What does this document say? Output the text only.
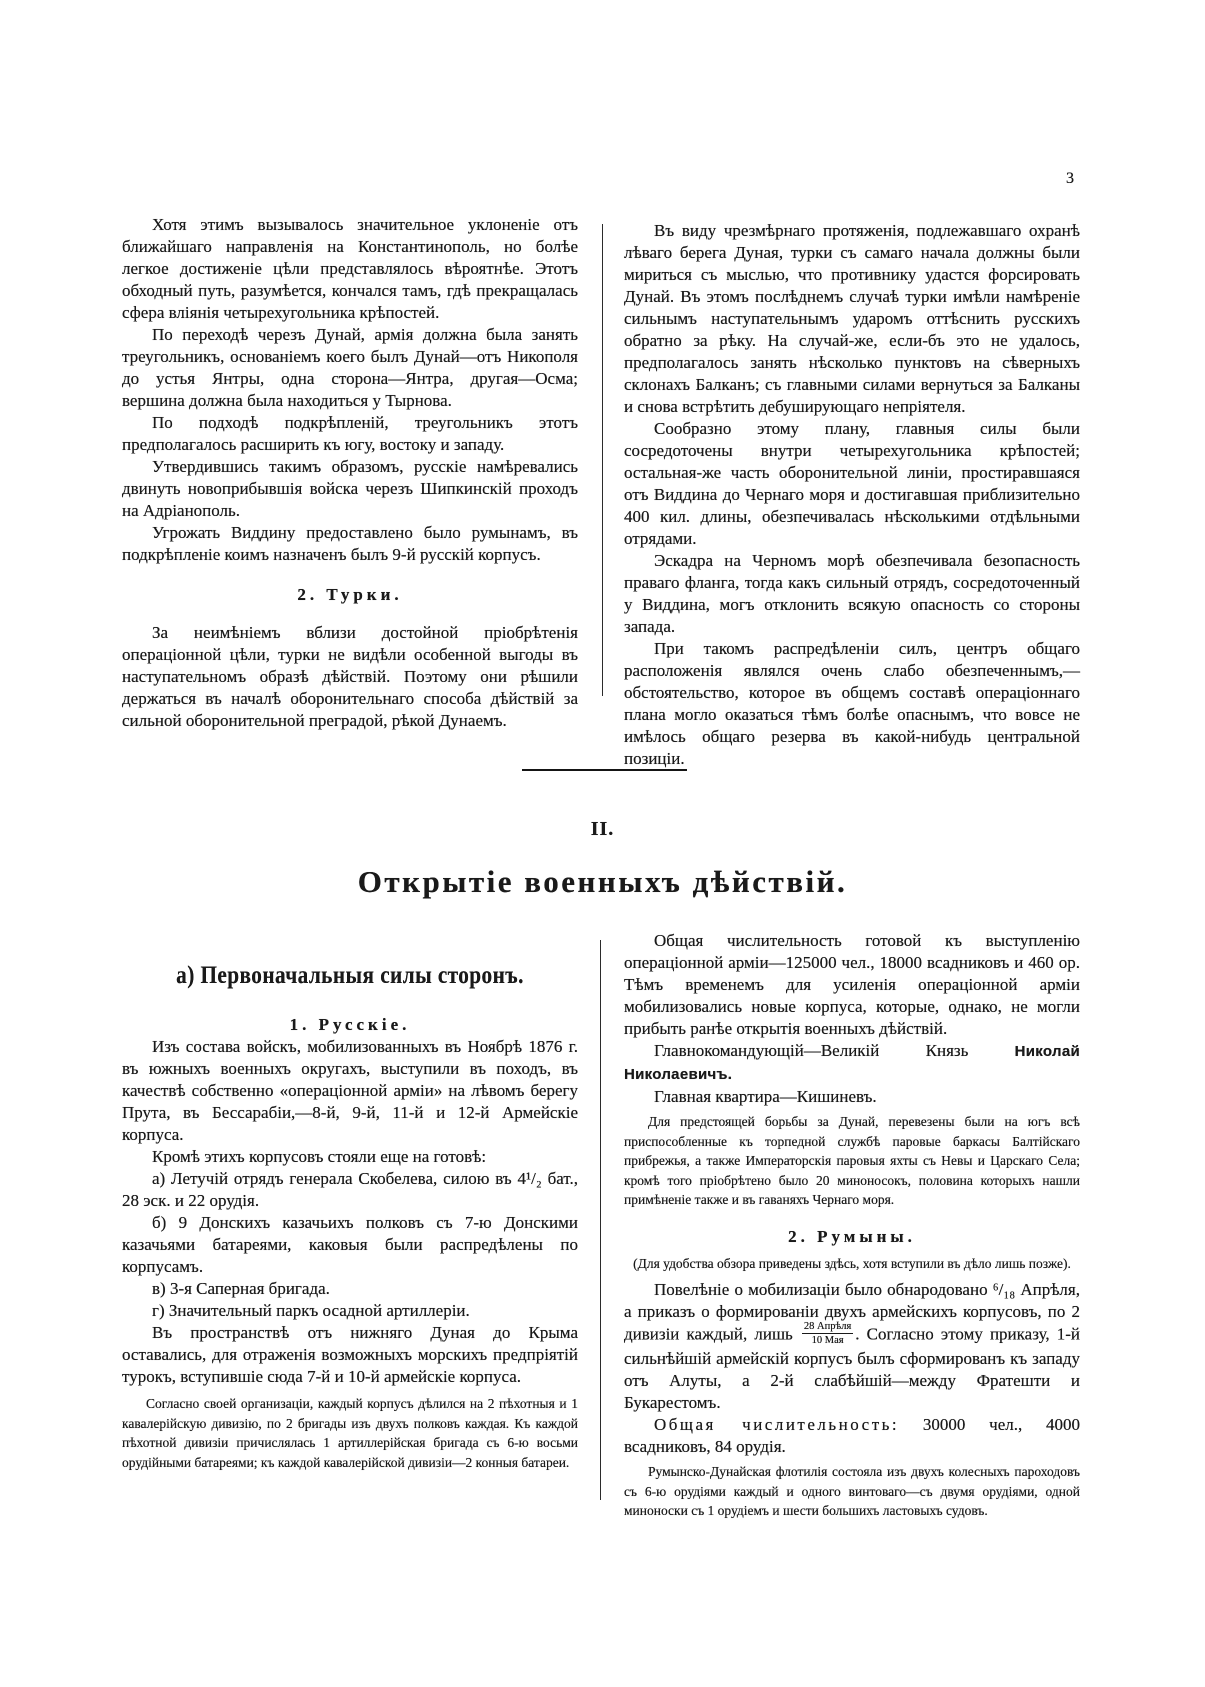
3

Хотя этимъ вызывалось значительное уклоненіе отъ ближайшаго направленія на Константинополь, но болѣе легкое достиженіе цѣли представлялось вѣроятнѣе. Этотъ обходный путь, разумѣется, кончался тамъ, гдѣ прекращалась сфера вліянія четырехугольника крѣпостей.

По переходѣ черезъ Дунай, армія должна была занять треугольникъ, основаніемъ коего былъ Дунай—отъ Никополя до устья Янтры, одна сторона—Янтра, другая—Осма; вершина должна была находиться у Тырнова.

По подходѣ подкрѣпленій, треугольникъ этотъ предполагалось расширить къ югу, востоку и западу.

Утвердившись такимъ образомъ, русскіе намѣревались двинуть новоприбывшія войска черезъ Шипкинскій проходъ на Адріанополь.

Угрожать Виддину предоставлено было румынамъ, въ подкрѣпленіе коимъ назначенъ былъ 9-й русскій корпусъ.

2. Турки.

За неимѣніемъ вблизи достойной пріобрѣтенія операціонной цѣли, турки не видѣли особенной выгоды въ наступательномъ образѣ дѣйствій. Поэтому они рѣшили держаться въ началѣ оборонительнаго способа дѣйствій за сильной оборонительной преградой, рѣкой Дунаемъ.

Въ виду чрезмѣрнаго протяженія, подлежавшаго охранѣ лѣваго берега Дуная, турки съ самаго начала должны были мириться съ мыслью, что противнику удастся форсировать Дунай. Въ этомъ послѣднемъ случаѣ турки имѣли намѣреніе сильнымъ наступательнымъ ударомъ оттѣснить русскихъ обратно за рѣку. На случай-же, если-бъ это не удалось, предполагалось занять нѣсколько пунктовъ на сѣверныхъ склонахъ Балканъ; съ главными силами вернуться за Балканы и снова встрѣтить дебуширующаго непріятеля.

Сообразно этому плану, главныя силы были сосредоточены внутри четырехугольника крѣпостей; остальная-же часть оборонительной линіи, простиравшаяся отъ Виддина до Чернаго моря и достигавшая приблизительно 400 кил. длины, обезпечивалась нѣсколькими отдѣльными отрядами.

Эскадра на Черномъ морѣ обезпечивала безопасность праваго фланга, тогда какъ сильный отрядъ, сосредоточенный у Виддина, могъ отклонить всякую опасность со стороны запада.

При такомъ распредѣленіи силъ, центръ общаго расположенія являлся очень слабо обезпеченнымъ,—обстоятельство, которое въ общемъ составѣ операціоннаго плана могло оказаться тѣмъ болѣе опаснымъ, что вовсе не имѣлось общаго резерва въ какой-нибудь центральной позиціи.

II.
Открытіе военныхъ дѣйствій.
а) Первоначальныя силы сторонъ.

1. Русскіе.

Изъ состава войскъ, мобилизованныхъ въ Ноябрѣ 1876 г. въ южныхъ военныхъ округахъ, выступили въ походъ, въ качествѣ собственно «операціонной арміи» на лѣвомъ берегу Прута, въ Бессарабіи,—8-й, 9-й, 11-й и 12-й Армейскіе корпуса.

Кромѣ этихъ корпусовъ стояли еще на готовѣ:

а) Летучій отрядъ генерала Скобелева, силою въ 4¹/₂ бат., 28 эск. и 22 орудія.

б) 9 Донскихъ казачьихъ полковъ съ 7-ю Донскими казачьями батареями, каковыя были распредѣлены по корпусамъ.

в) 3-я Саперная бригада.

г) Значительный паркъ осадной артиллеріи.

Въ пространствѣ отъ нижняго Дуная до Крыма оставались, для отраженія возможныхъ морскихъ предпріятій турокъ, вступившіе сюда 7-й и 10-й армейскіе корпуса.

Согласно своей организаціи, каждый корпусъ дѣлился на 2 пѣхотныя и 1 кавалерійскую дивизію, по 2 бригады изъ двухъ полковъ каждая. Къ каждой пѣхотной дивизіи причислялась 1 артиллерійская бригада съ 6-ю восьми орудійными батареями; къ каждой кавалерійской дивизіи—2 конныя батареи.

Общая числительность готовой къ выступленію операціонной арміи—125000 чел., 18000 всадниковъ и 460 ор. Тѣмъ временемъ для усиленія операціонной арміи мобилизовались новые корпуса, которые, однако, не могли прибыть ранѣе открытія военныхъ дѣйствій.

Главнокомандующій—Великій Князь Николай Николаевичъ.

Главная квартира—Кишиневъ.

Для предстоящей борьбы за Дунай, перевезены были на югъ всѣ приспособленные къ торпедной службѣ паровые баркасы Балтійскаго прибрежья, а также Императорскія паровыя яхты съ Невы и Царскаго Села; кромѣ того пріобрѣтено было 20 миноносокъ, половина которыхъ нашли примѣненіе также и въ гаваняхъ Чернаго моря.

2. Румыны.

(Для удобства обзора приведены здѣсь, хотя вступили въ дѣло лишь позже).

Повелѣніе о мобилизаціи было обнародовано ⁶/₁₈ Апрѣля, а приказъ о формированіи двухъ армейскихъ корпусовъ, по 2 дивизіи каждый, лишь $\frac{\text{28 Апрѣля}}{\text{10 Мая}}$ . Согласно этому приказу, 1-й сильнѣйшій армейскій корпусъ былъ сформированъ къ западу отъ Алуты, а 2-й слабѣйшій—между Фратешти и Букарестомъ.

Общая числительность: 30000 чел., 4000 всадниковъ, 84 орудія.

Румынско-Дунайская флотилія состояла изъ двухъ колесныхъ пароходовъ съ 6-ю орудіями каждый и одного винтоваго—съ двумя орудіями, одной миноноски съ 1 орудіемъ и шести большихъ ластовыхъ судовъ.
